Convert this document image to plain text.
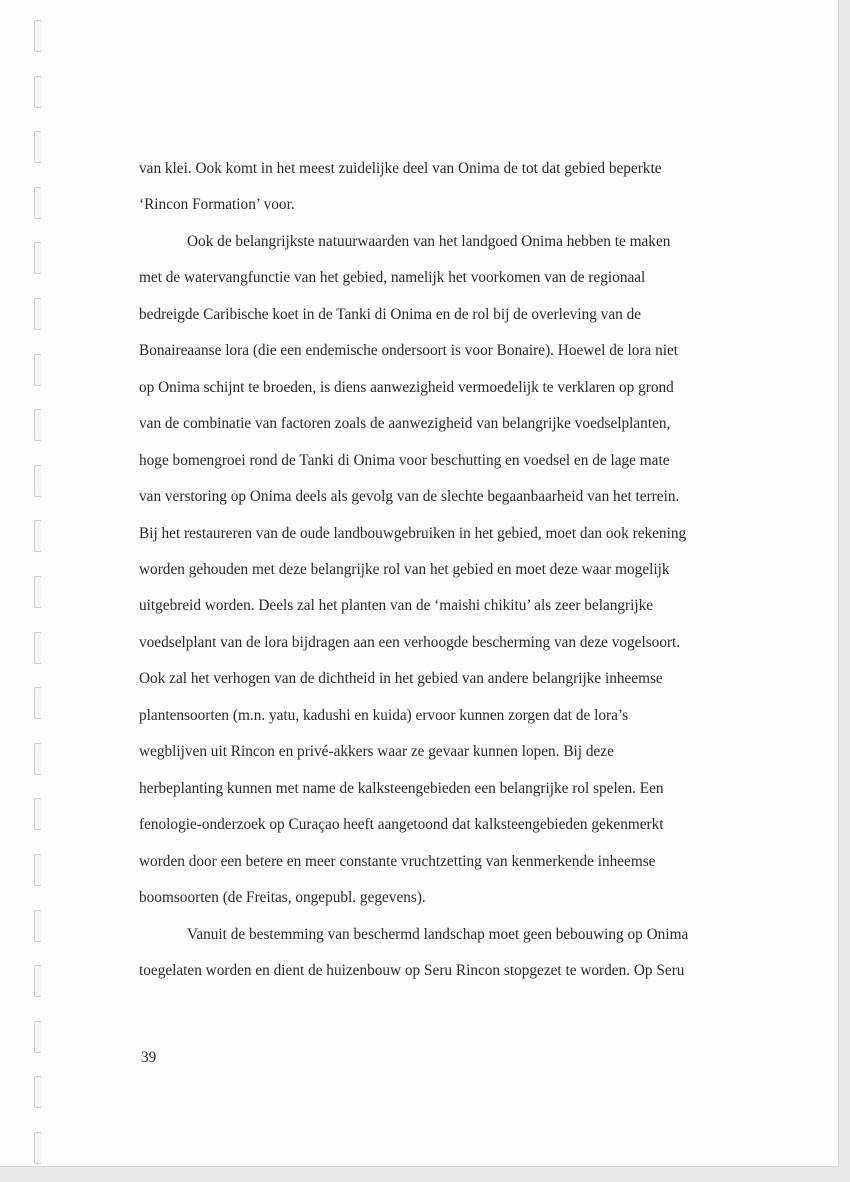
van klei. Ook komt in het meest zuidelijke deel van Onima de tot dat gebied beperkte
‘Rincon Formation’ voor.

Ook de belangrijkste natuurwaarden van het landgoed Onima hebben te maken
met de watervangfunctie van het gebied, namelijk het voorkomen van de regionaal
bedreigde Caribische koet in de Tanki di Onima en de rol bij de overleving van de
Bonaireaanse lora (die een endemische ondersoort is voor Bonaire). Hoewel de lora niet
op Onima schijnt te broeden, is diens aanwezigheid vermoedelijk te verklaren op grond
van de combinatie van factoren zoals de aanwezigheid van belangrijke voedselplanten,
hoge bomengroei rond de Tanki di Onima voor beschutting en voedsel en de lage mate
van verstoring op Onima deels als gevolg van de slechte begaanbaarheid van het terrein.
Bij het restaureren van de oude landbouwgebruiken in het gebied, moet dan ook rekening
worden gehouden met deze belangrijke rol van het gebied en moet deze waar mogelijk
uitgebreid worden. Deels zal het planten van de ‘maishi chikitu’ als zeer belangrijke
voedselplant van de lora bijdragen aan een verhoogde bescherming van deze vogelsoort.
Ook zal het verhogen van de dichtheid in het gebied van andere belangrijke inheemse
plantensoorten (m.n. yatu, kadushi en kuida) ervoor kunnen zorgen dat de lora’s
wegblijven uit Rincon en privé-akkers waar ze gevaar kunnen lopen. Bij deze
herbeplanting kunnen met name de kalksteengebieden een belangrijke rol spelen. Een
fenologie-onderzoek op Curaçao heeft aangetoond dat kalksteengebieden gekenmerkt
worden door een betere en meer constante vruchtzetting van kenmerkende inheemse
boomsoorten (de Freitas, ongepubl. gegevens).

Vanuit de bestemming van beschermd landschap moet geen bebouwing op Onima
toegelaten worden en dient de huizenbouw op Seru Rincon stopgezet te worden. Op Seru

39
